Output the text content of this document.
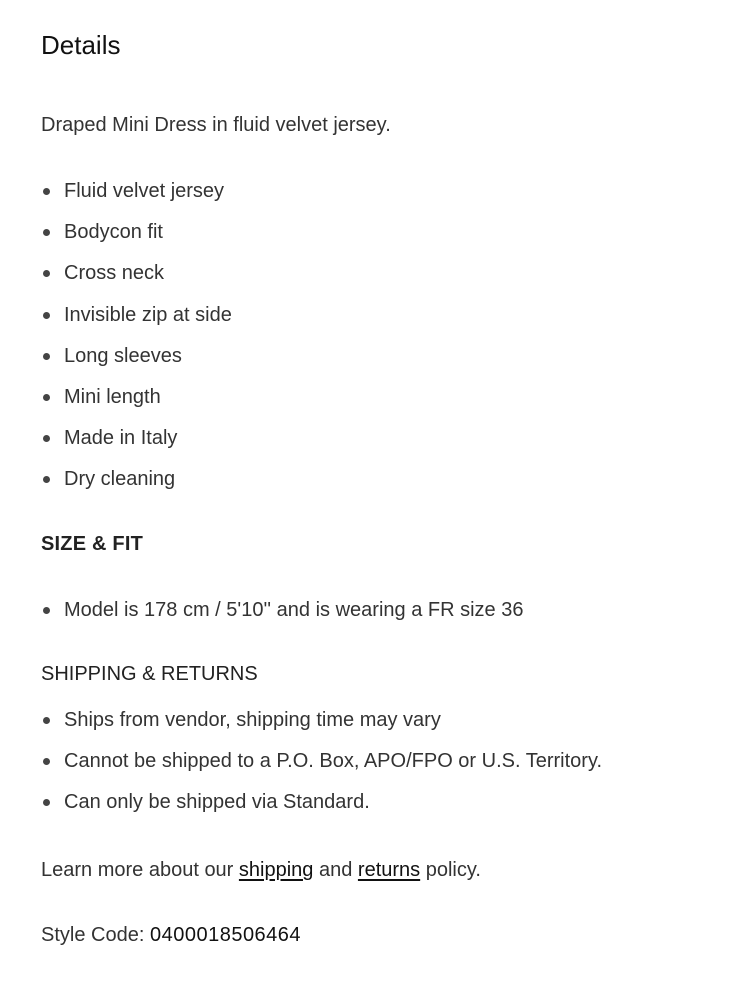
Details

Draped Mini Dress in fluid velvet jersey.

Fluid velvet jersey
Bodycon fit
Cross neck
Invisible zip at side
Long sleeves
Mini length
Made in Italy
Dry cleaning
SIZE & FIT
Model is 178 cm / 5'10'' and is wearing a FR size 36
SHIPPING & RETURNS
Ships from vendor, shipping time may vary
Cannot be shipped to a P.O. Box, APO/FPO or U.S. Territory.
Can only be shipped via Standard.

Learn more about our shipping and returns policy.

Style Code: 0400018506464
